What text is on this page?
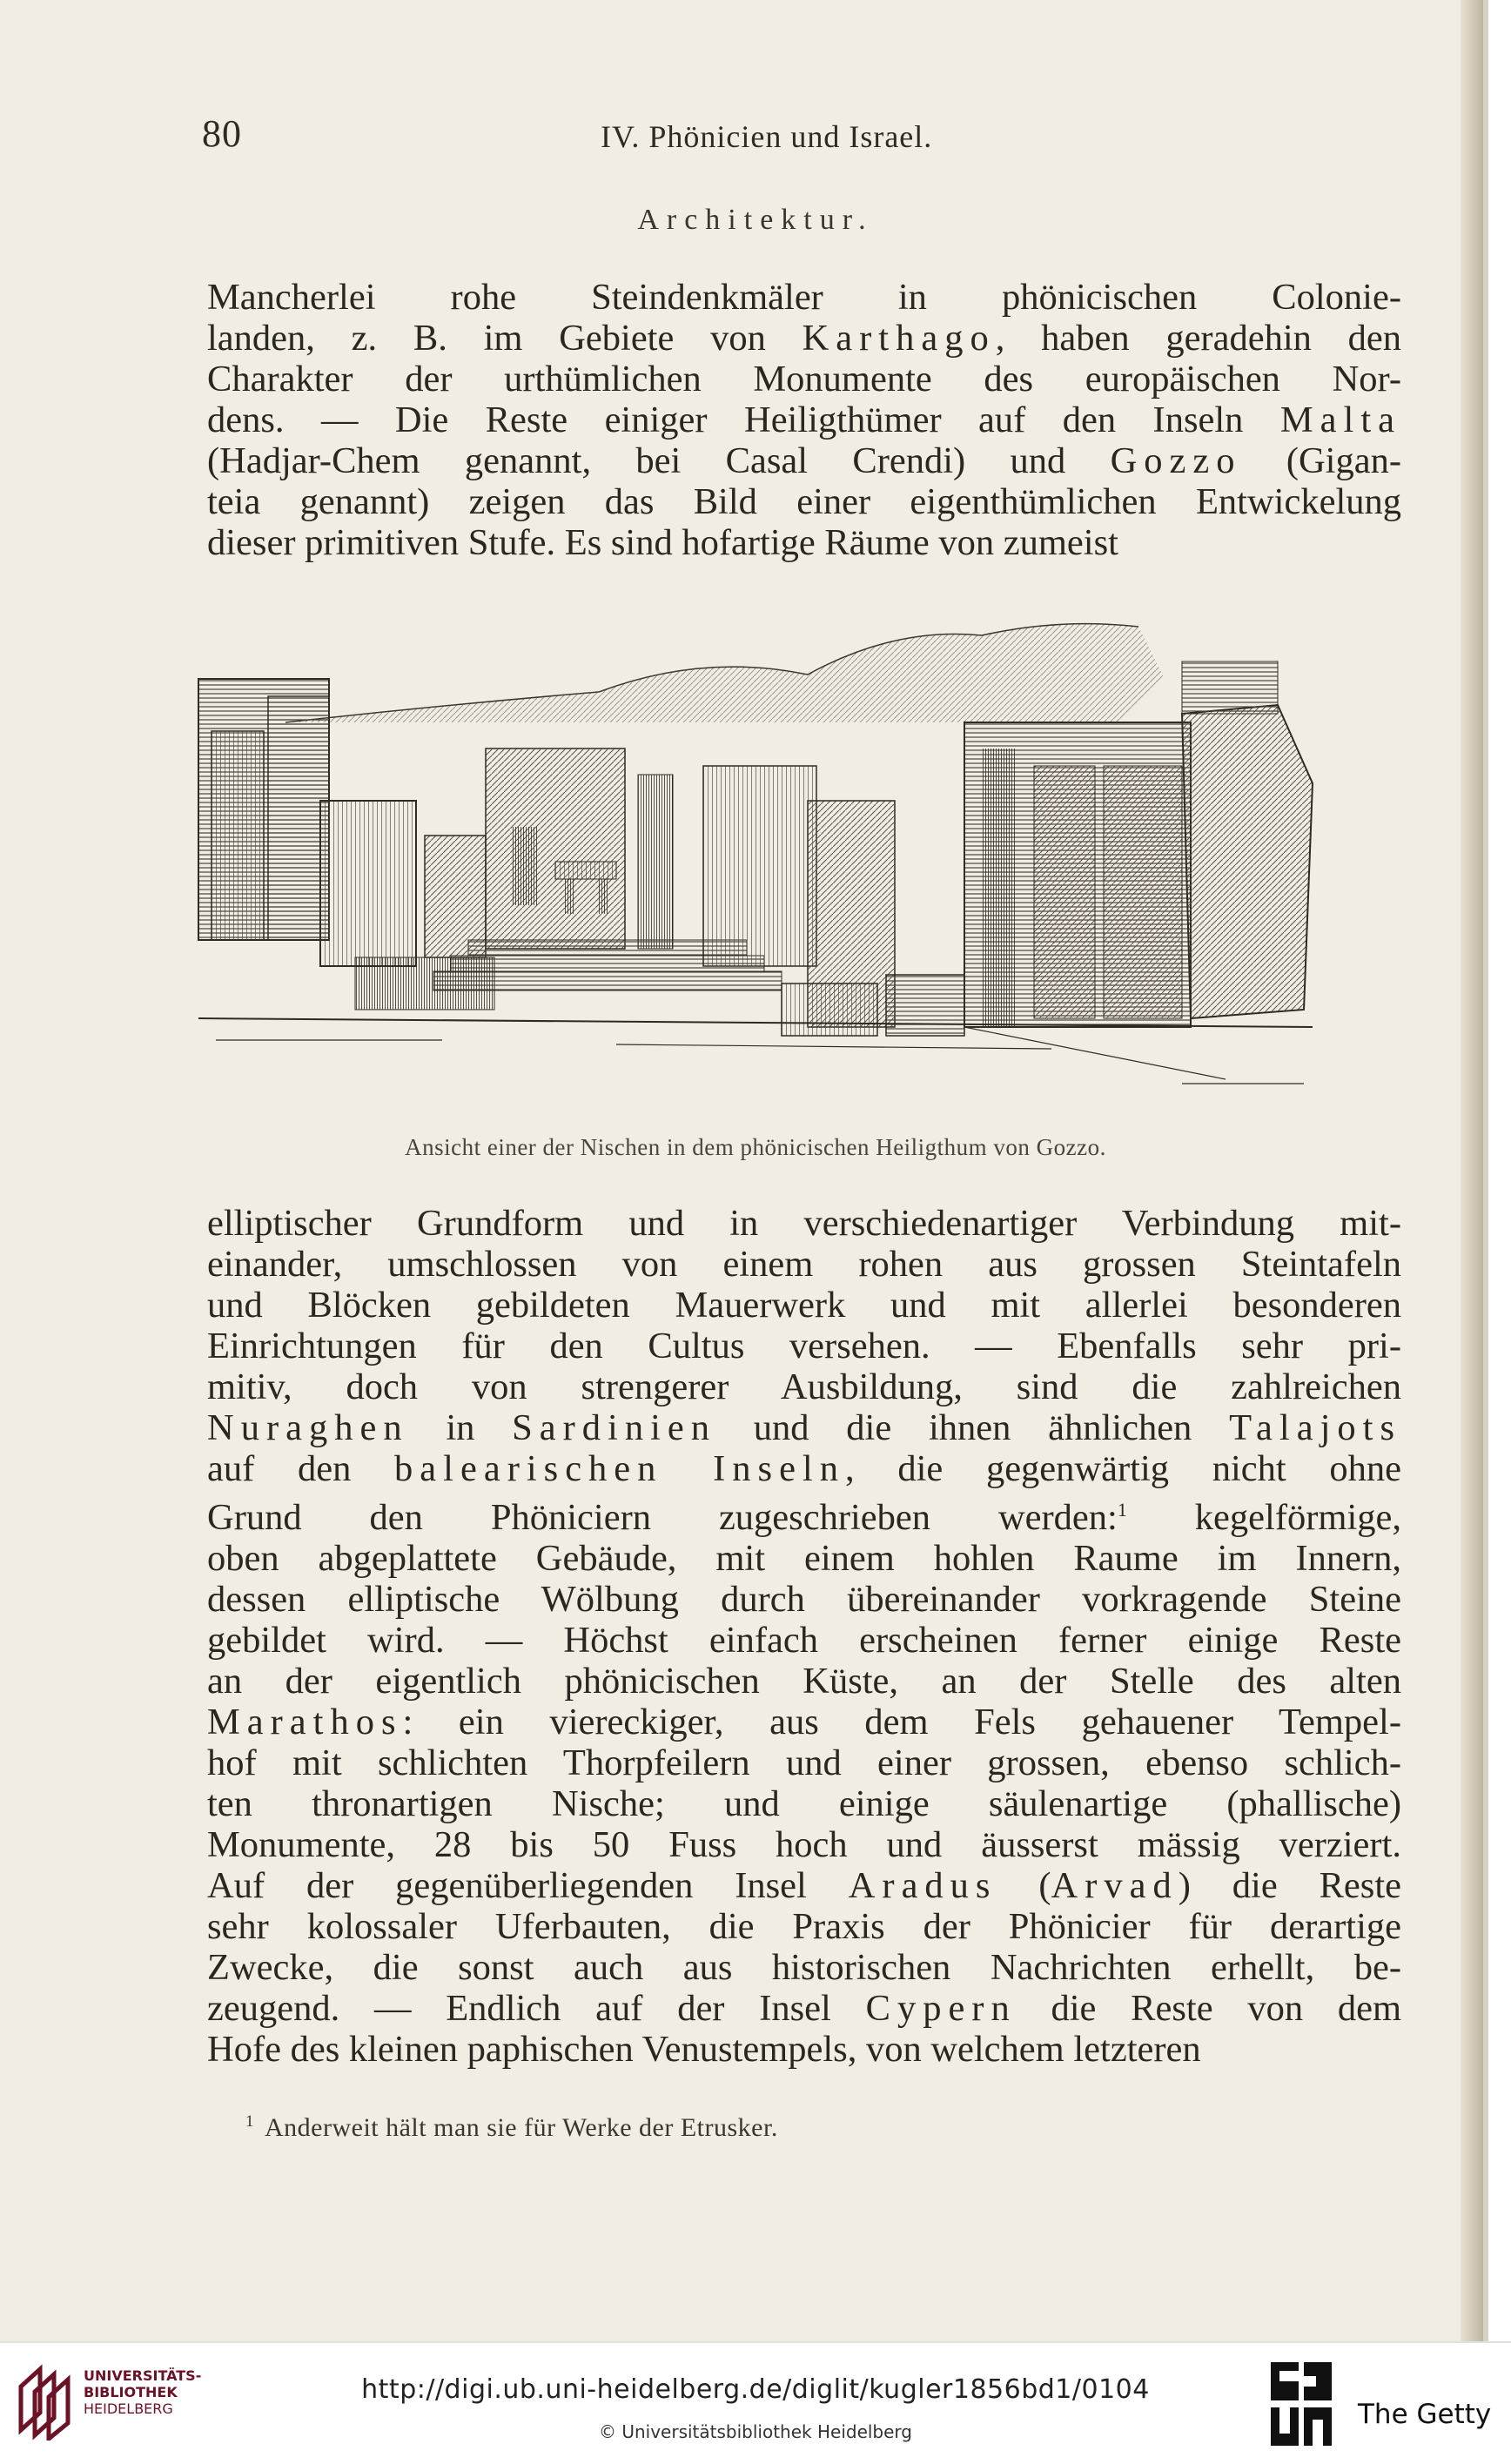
80	IV. Phönicien und Israel.
Architektur.

Mancherlei rohe Steindenkmäler in phönicischen Colonie-
landen, z. B. im Gebiete von Karthago, haben geradehin den
Charakter der urthümlichen Monumente des europäischen Nor-
dens. — Die Reste einiger Heiligthümer auf den Inseln Malta
(Hadjar-Chem genannt, bei Casal Crendi) und Gozzo (Gigan-
teia genannt) zeigen das Bild einer eigenthümlichen Entwickelung
dieser primitiven Stufe. Es sind hofartige Räume von zumeist

Ansicht einer der Nischen in dem phönicischen Heiligthum von Gozzo.

elliptischer Grundform und in verschiedenartiger Verbindung mit-
einander, umschlossen von einem rohen aus grossen Steintafeln
und Blöcken gebildeten Mauerwerk und mit allerlei besonderen
Einrichtungen für den Cultus versehen. — Ebenfalls sehr pri-
mitiv, doch von strengerer Ausbildung, sind die zahlreichen
Nuraghen in Sardinien und die ihnen ähnlichen Talajots
auf den balearischen Inseln, die gegenwärtig nicht ohne
Grund den Phöniciern zugeschrieben werden:$^1$ kegelförmige,
oben abgeplattete Gebäude, mit einem hohlen Raume im Innern,
dessen elliptische Wölbung durch übereinander vorkragende Steine
gebildet wird. — Höchst einfach erscheinen ferner einige Reste
an der eigentlich phönicischen Küste, an der Stelle des alten
Marathos: ein viereckiger, aus dem Fels gehauener Tempel-
hof mit schlichten Thorpfeilern und einer grossen, ebenso schlich-
ten thronartigen Nische; und einige säulenartige (phallische)
Monumente, 28 bis 50 Fuss hoch und äusserst mässig verziert.
Auf der gegenüberliegenden Insel Aradus (Arvad) die Reste
sehr kolossaler Uferbauten, die Praxis der Phönicier für derartige
Zwecke, die sonst auch aus historischen Nachrichten erhellt, be-
zeugend. — Endlich auf der Insel Cypern die Reste von dem
Hofe des kleinen paphischen Venustempels, von welchem letzteren

$^1$ Anderweit hält man sie für Werke der Etrusker.
UNIVERSITÄTS-
BIBLIOTHEK
HEIDELBERG
http://digi.ub.uni-heidelberg.de/diglit/kugler1856bd1/0104
© Universitätsbibliothek Heidelberg
The Getty
